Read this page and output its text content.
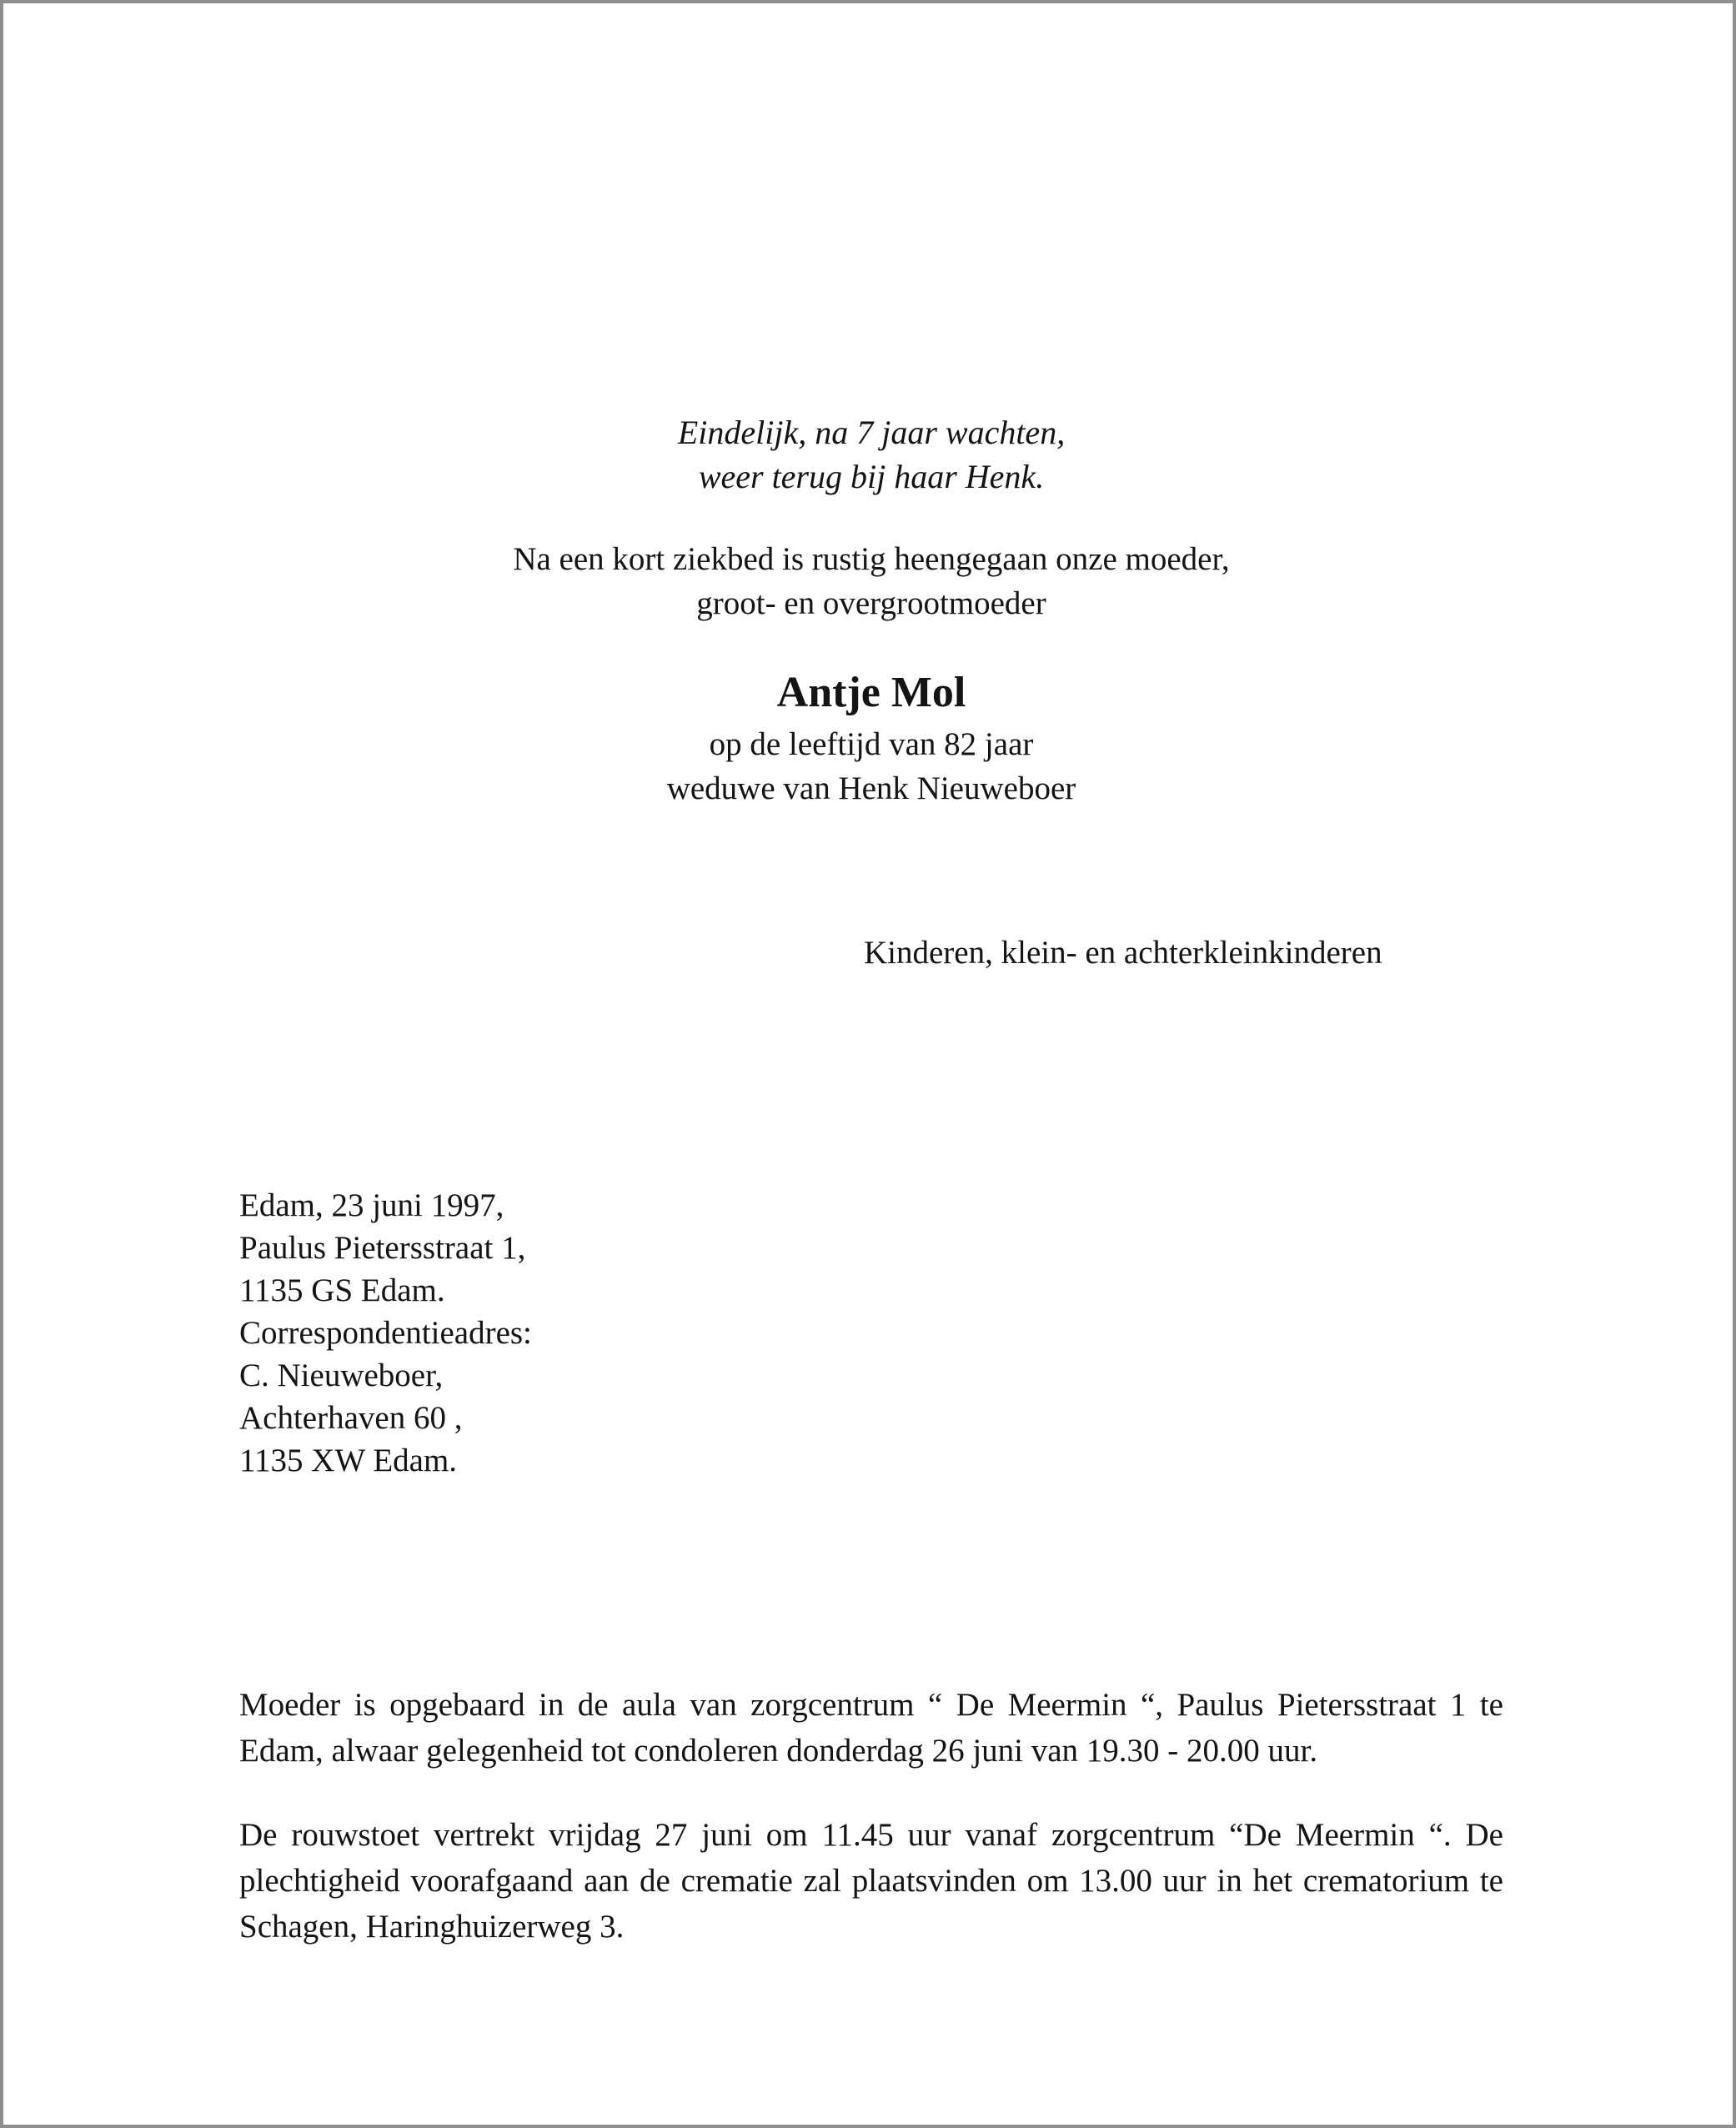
Eindelijk, na 7 jaar wachten,
weer terug bij haar Henk.
Na een kort ziekbed is rustig heengegaan onze moeder,
groot- en overgrootmoeder
Antje Mol
op de leeftijd van 82 jaar
weduwe van Henk Nieuweboer
Kinderen, klein- en achterkleinkinderen
Edam, 23 juni 1997,
Paulus Pietersstraat 1,
1135 GS Edam.
Correspondentieadres:
C. Nieuweboer,
Achterhaven 60 ,
1135 XW Edam.

Moeder is opgebaard in de aula van zorgcentrum “ De Meermin “, Paulus Pietersstraat 1 te Edam, alwaar gelegenheid tot condoleren donderdag 26 juni van 19.30 - 20.00 uur.

De rouwstoet vertrekt vrijdag 27 juni om 11.45 uur vanaf zorgcentrum “De Meermin “. De plechtigheid voorafgaand aan de crematie zal plaatsvinden om 13.00 uur in het crematorium te Schagen, Haringhuizerweg 3.
